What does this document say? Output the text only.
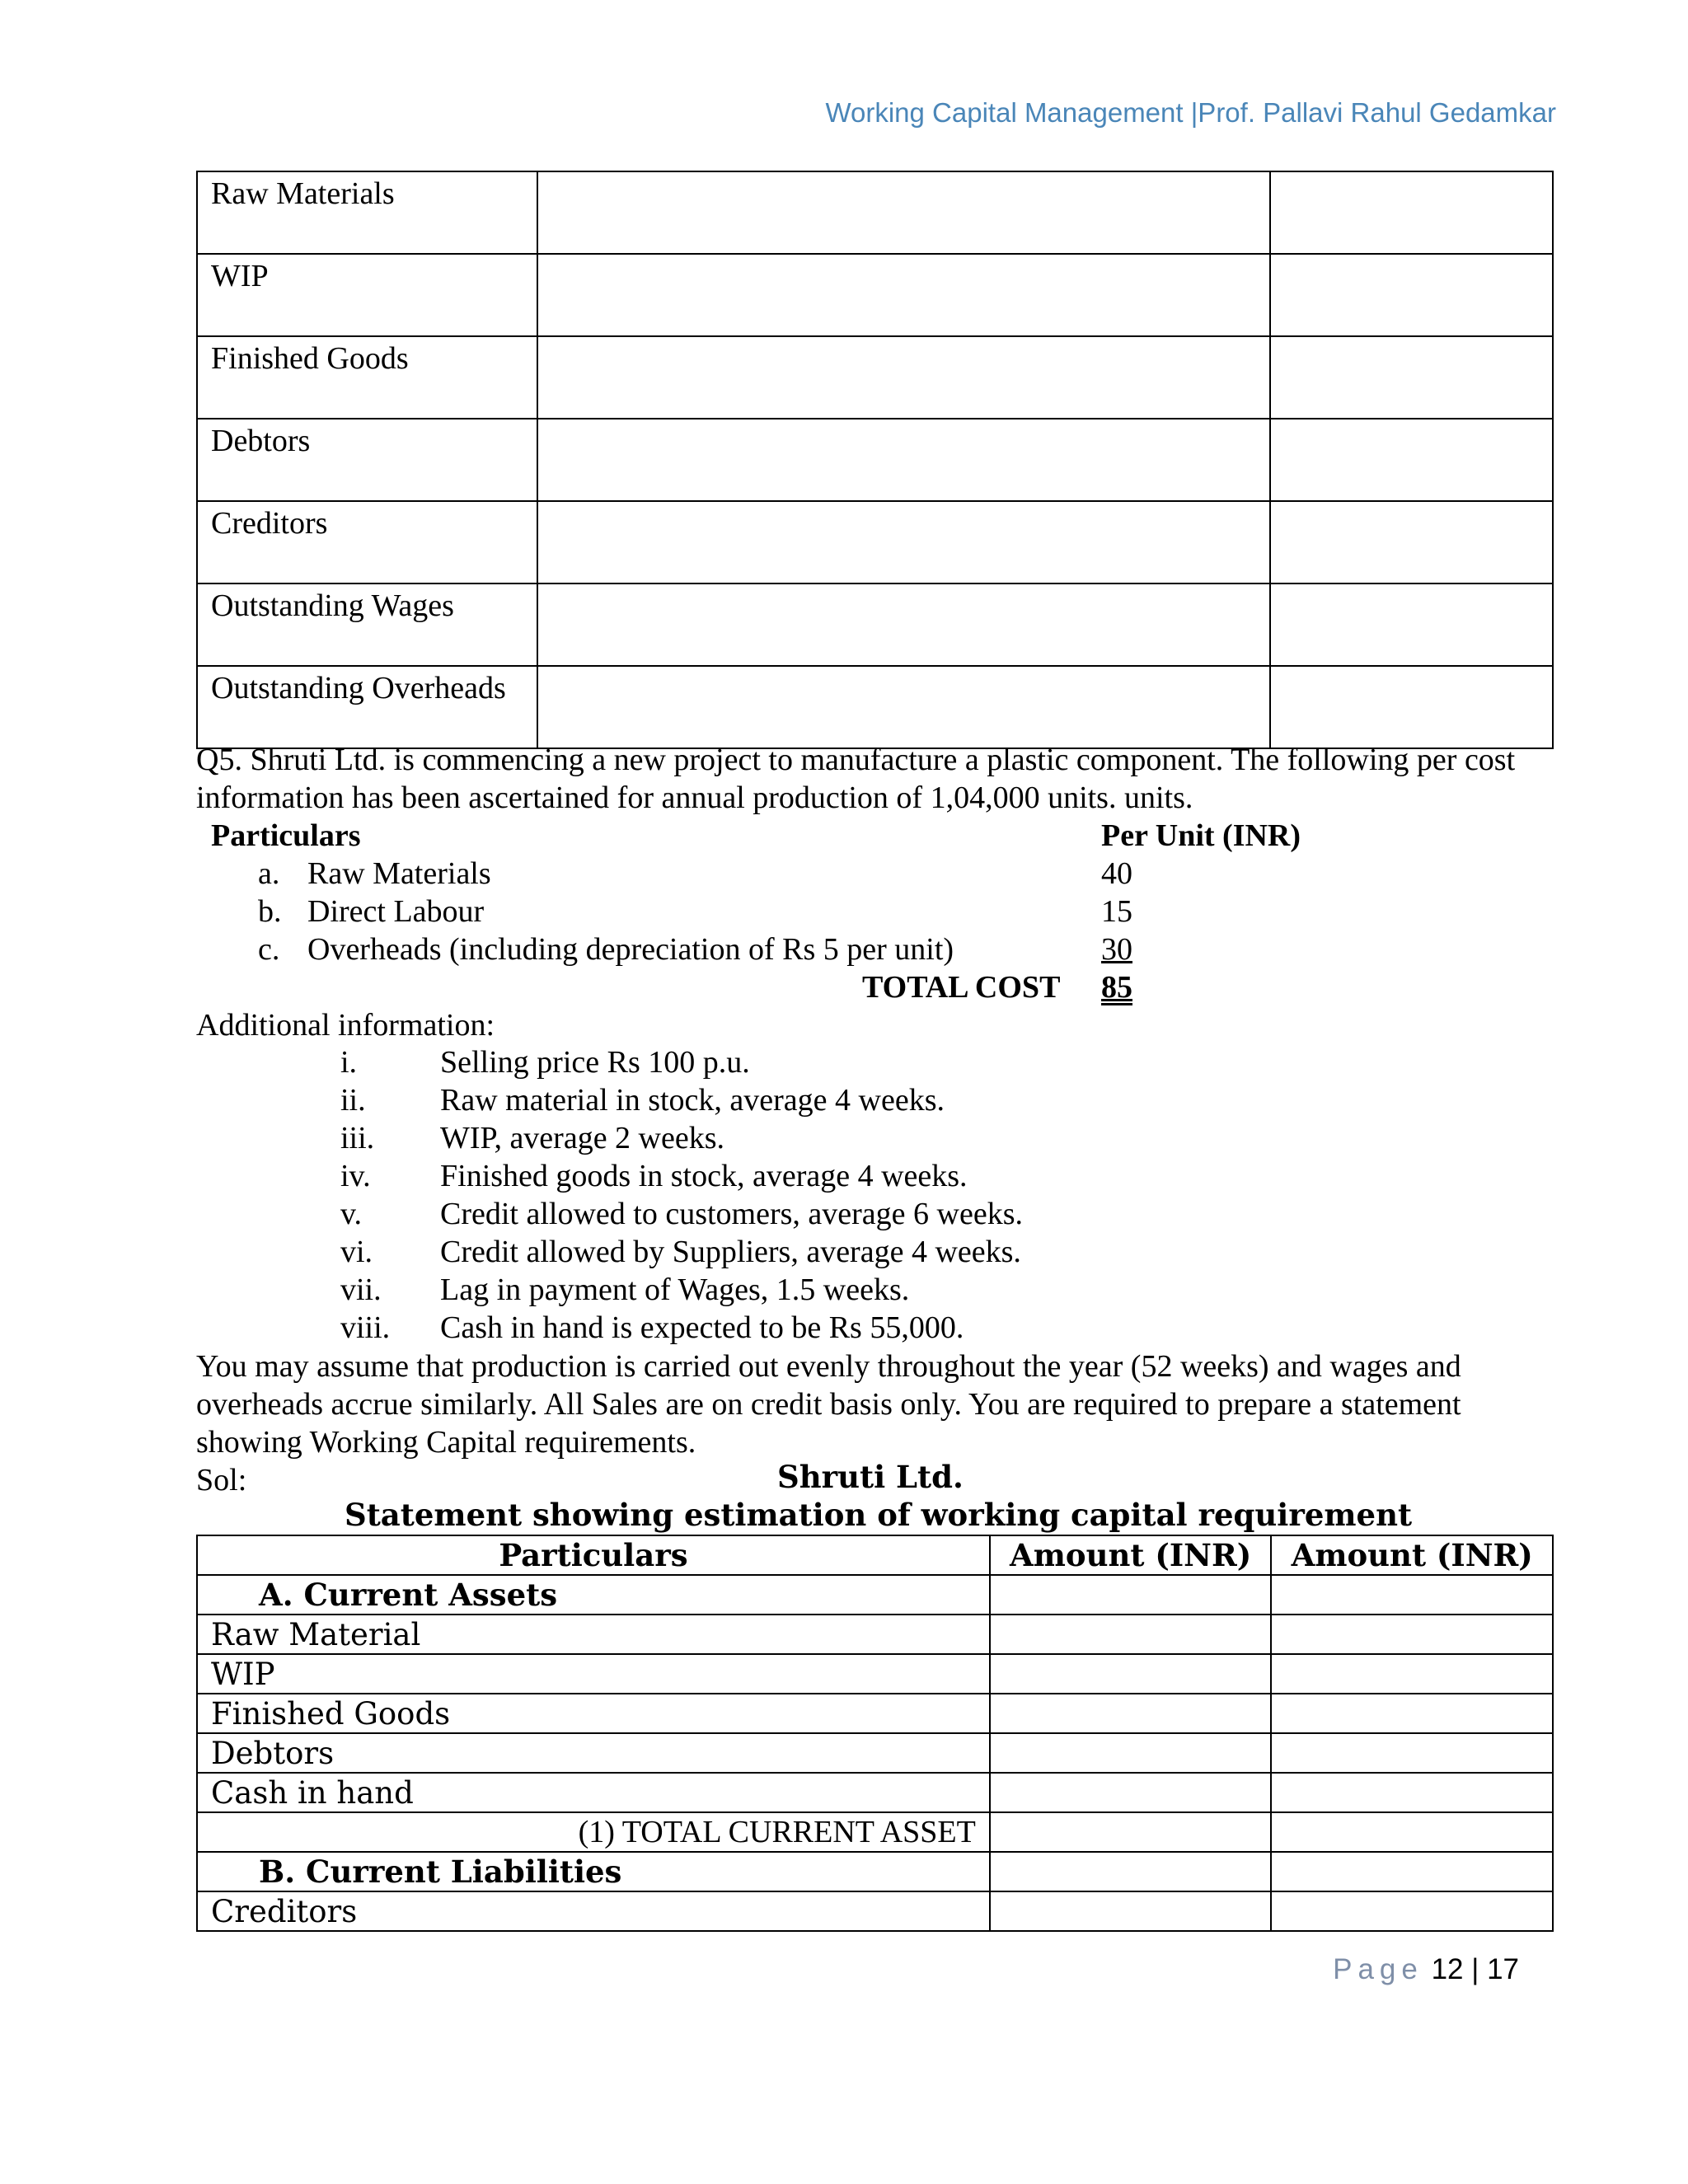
Working Capital Management |Prof. Pallavi Rahul Gedamkar
Raw Materials		
WIP		
Finished Goods		
Debtors		
Creditors		
Outstanding Wages		
Outstanding Overheads		
Q5. Shruti Ltd. is commencing a new project to manufacture a plastic component. The following per cost information has been ascertained for annual production of 1,04,000 units. units.
Particulars	Per Unit (INR)
a. Raw Materials	40
b. Direct Labour	15
c. Overheads (including depreciation of Rs 5 per unit)	30
TOTAL COST 85
Additional information:
i.	Selling price Rs 100 p.u.
ii. Raw material in stock, average 4 weeks.
iii. WIP, average 2 weeks.
iv. Finished goods in stock, average 4 weeks.
v. Credit allowed to customers, average 6 weeks.
vi. Credit allowed by Suppliers, average 4 weeks.
vii. Lag in payment of Wages, 1.5 weeks.
viii. Cash in hand is expected to be Rs 55,000.
You may assume that production is carried out evenly throughout the year (52 weeks) and wages and overheads accrue similarly. All Sales are on credit basis only. You are required to prepare a statement showing Working Capital requirements.
Sol:	Shruti Ltd.
Statement showing estimation of working capital requirement
Particulars	Amount (INR)	Amount (INR)
A. Current Assets		
Raw Material		
WIP		
Finished Goods		
Debtors		
Cash in hand		
(1) TOTAL CURRENT ASSET		
B. Current Liabilities		
Creditors		
Page 12 | 17
